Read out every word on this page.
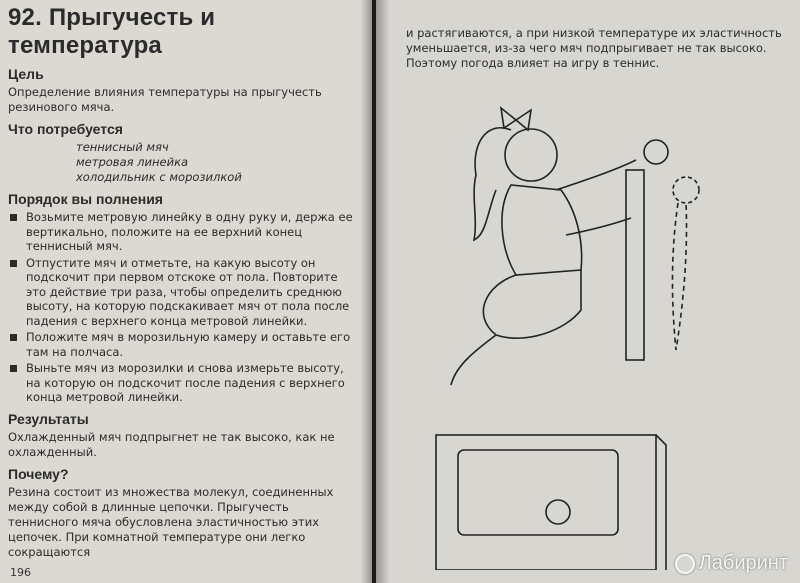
92. Прыгучесть и температура
Цель
Определение влияния температуры на прыгучесть резинового мяча.
Что потребуется
теннисный мяч
метровая линейка
холодильник с морозилкой
Порядок вы полнения
Возьмите метровую линейку в одну руку и, держа ее вертикально, положите на ее верхний конец теннисный мяч.
Отпустите мяч и отметьте, на какую высоту он подскочит при первом отскоке от пола. Повторите это действие три раза, чтобы определить среднюю высоту, на которую подскакивает мяч от пола после падения с верхнего конца метровой линейки.
Положите мяч в морозильную камеру и оставьте его там на полчаса.
Выньте мяч из морозилки и снова измерьте высоту, на которую он подскочит после падения с верхнего конца метровой линейки.
Результаты
Охлажденный мяч подпрыгнет не так высоко, как не охлажденный.
Почему?
Резина состоит из множества молекул, соединенных между собой в длинные цепочки. Прыгучесть теннисного мяча обусловлена эластичностью этих цепочек. При комнатной температуре они легко сокращаются
196
и растягиваются, а при низкой температуре их эластичность уменьшается, из-за чего мяч подпрыгивает не так высоко. Поэтому погода влияет на игру в теннис.
Лабиринт
